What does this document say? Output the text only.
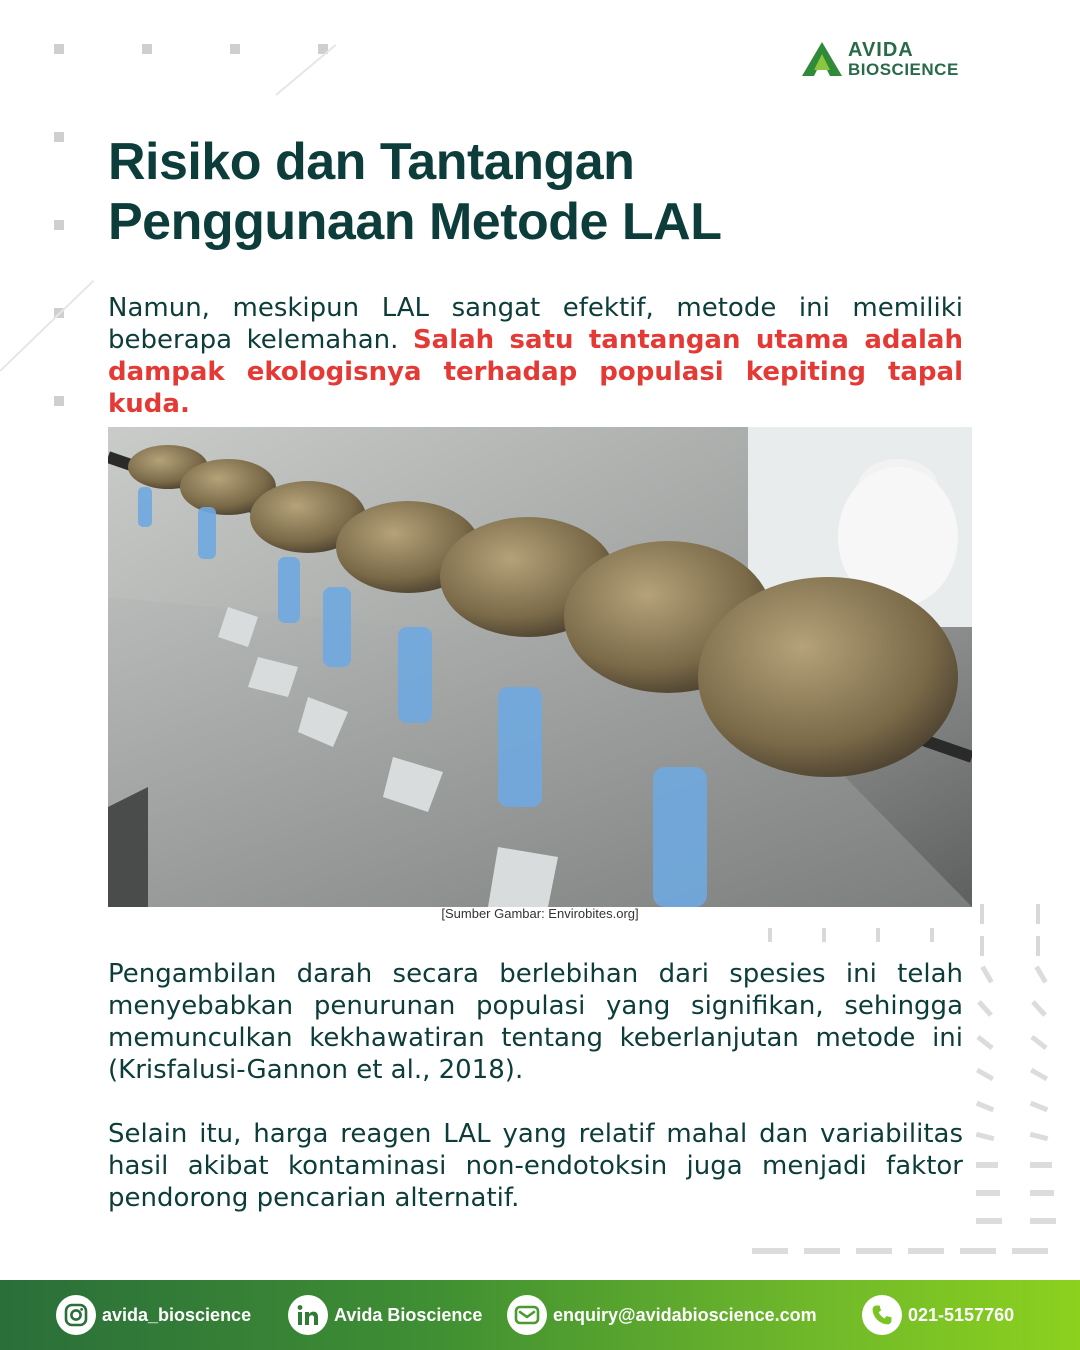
AVIDA
BIOSCIENCE
Risiko dan Tantangan
Penggunaan Metode LAL

Namun, meskipun LAL sangat efektif, metode ini memiliki beberapa kelemahan. Salah satu tantangan utama adalah dampak ekologisnya terhadap populasi kepiting tapal kuda.

[Sumber Gambar: Envirobites.org]

Pengambilan darah secara berlebihan dari spesies ini telah menyebabkan penurunan populasi yang signifikan, sehingga memunculkan kekhawatiran tentang keberlanjutan metode ini (Krisfalusi-Gannon et al., 2018).

Selain itu, harga reagen LAL yang relatif mahal dan variabilitas hasil akibat kontaminasi non-endotoksin juga menjadi faktor pendorong pencarian alternatif.

avida_bioscience	Avida Bioscience	enquiry@avidabioscience.com	021-5157760
